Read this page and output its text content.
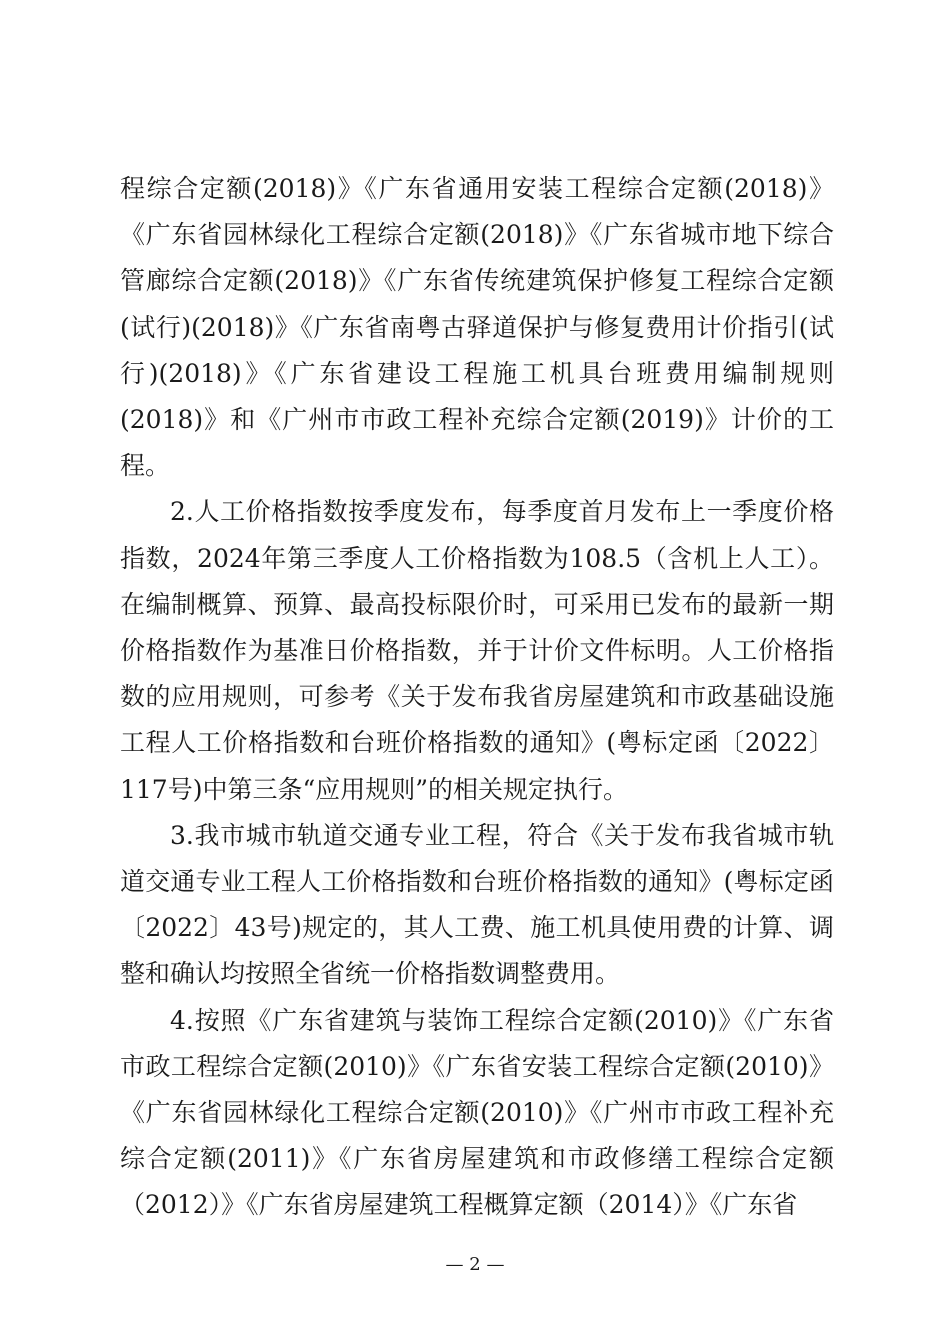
程综合定额(2018)》《广东省通用安装工程综合定额(2018)》《广东省园林绿化工程综合定额(2018)》《广东省城市地下综合管廊综合定额(2018)》《广东省传统建筑保护修复工程综合定额(试行)(2018)》《广东省南粤古驿道保护与修复费用计价指引(试行)(2018)》《广东省建设工程施工机具台班费用编制规则(2018)》和《广州市市政工程补充综合定额(2019)》计价的工程。

2.人工价格指数按季度发布，每季度首月发布上一季度价格指数，2024年第三季度人工价格指数为108.5（含机上人工）。在编制概算、预算、最高投标限价时，可采用已发布的最新一期价格指数作为基准日价格指数，并于计价文件标明。人工价格指数的应用规则，可参考《关于发布我省房屋建筑和市政基础设施工程人工价格指数和台班价格指数的通知》(粤标定函〔2022〕117号)中第三条“应用规则”的相关规定执行。

3.我市城市轨道交通专业工程，符合《关于发布我省城市轨道交通专业工程人工价格指数和台班价格指数的通知》(粤标定函〔2022〕43号)规定的，其人工费、施工机具使用费的计算、调整和确认均按照全省统一价格指数调整费用。

4.按照《广东省建筑与装饰工程综合定额(2010)》《广东省市政工程综合定额(2010)》《广东省安装工程综合定额(2010)》《广东省园林绿化工程综合定额(2010)》《广州市市政工程补充综合定额(2011)》《广东省房屋建筑和市政修缮工程综合定额（2012）》《广东省房屋建筑工程概算定额（2014）》《广东省

— 2 —
